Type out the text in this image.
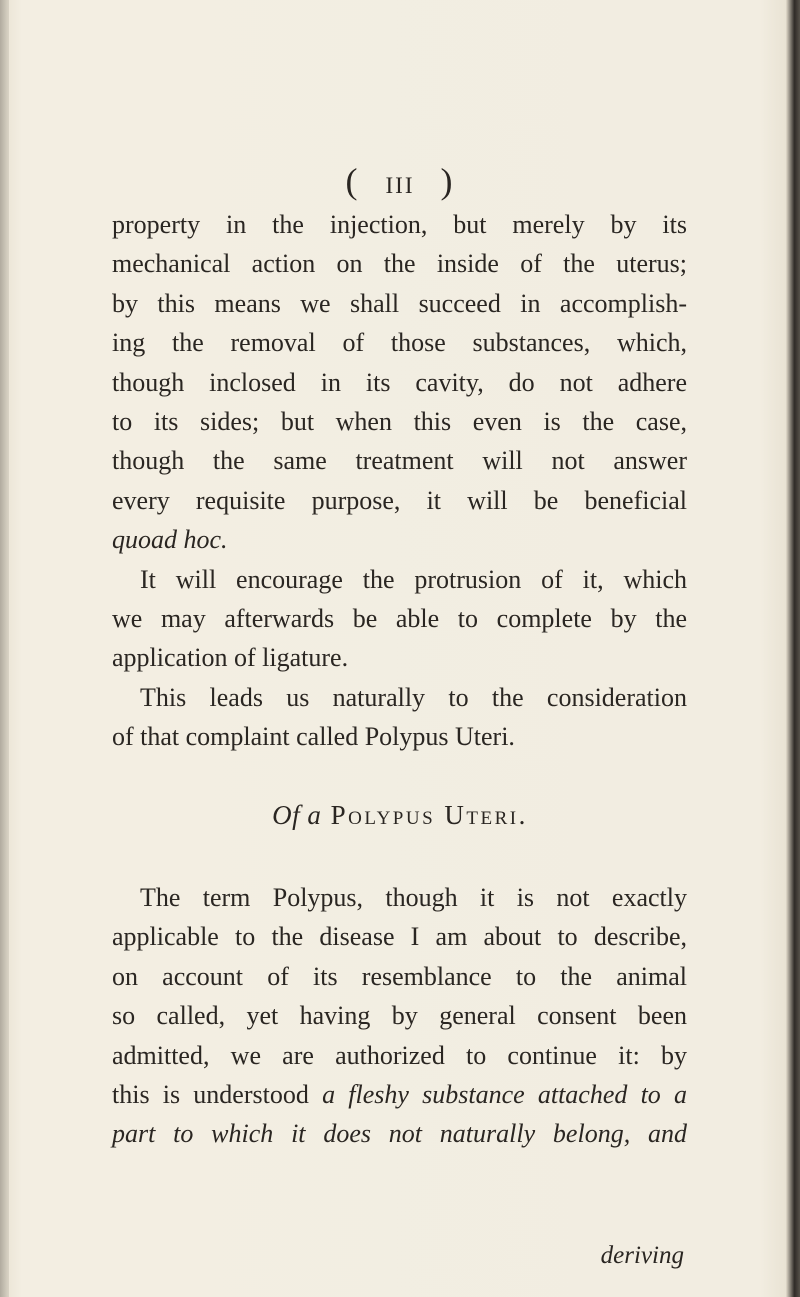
( III )
property in the injection, but merely by its
mechanical action on the inside of the uterus;
by this means we shall succeed in accomplish-
ing the removal of those substances, which,
though inclosed in its cavity, do not adhere
to its sides; but when this even is the case,
though the same treatment will not answer
every requisite purpose, it will be beneficial
quoad hoc.
It will encourage the protrusion of it, which
we may afterwards be able to complete by the
application of ligature.
This leads us naturally to the consideration
of that complaint called Polypus Uteri.
Of a Polypus Uteri.
The term Polypus, though it is not exactly
applicable to the disease I am about to describe,
on account of its resemblance to the animal
so called, yet having by general consent been
admitted, we are authorized to continue it: by
this is understood a fleshy substance attached to a
part to which it does not naturally belong, and
deriving
